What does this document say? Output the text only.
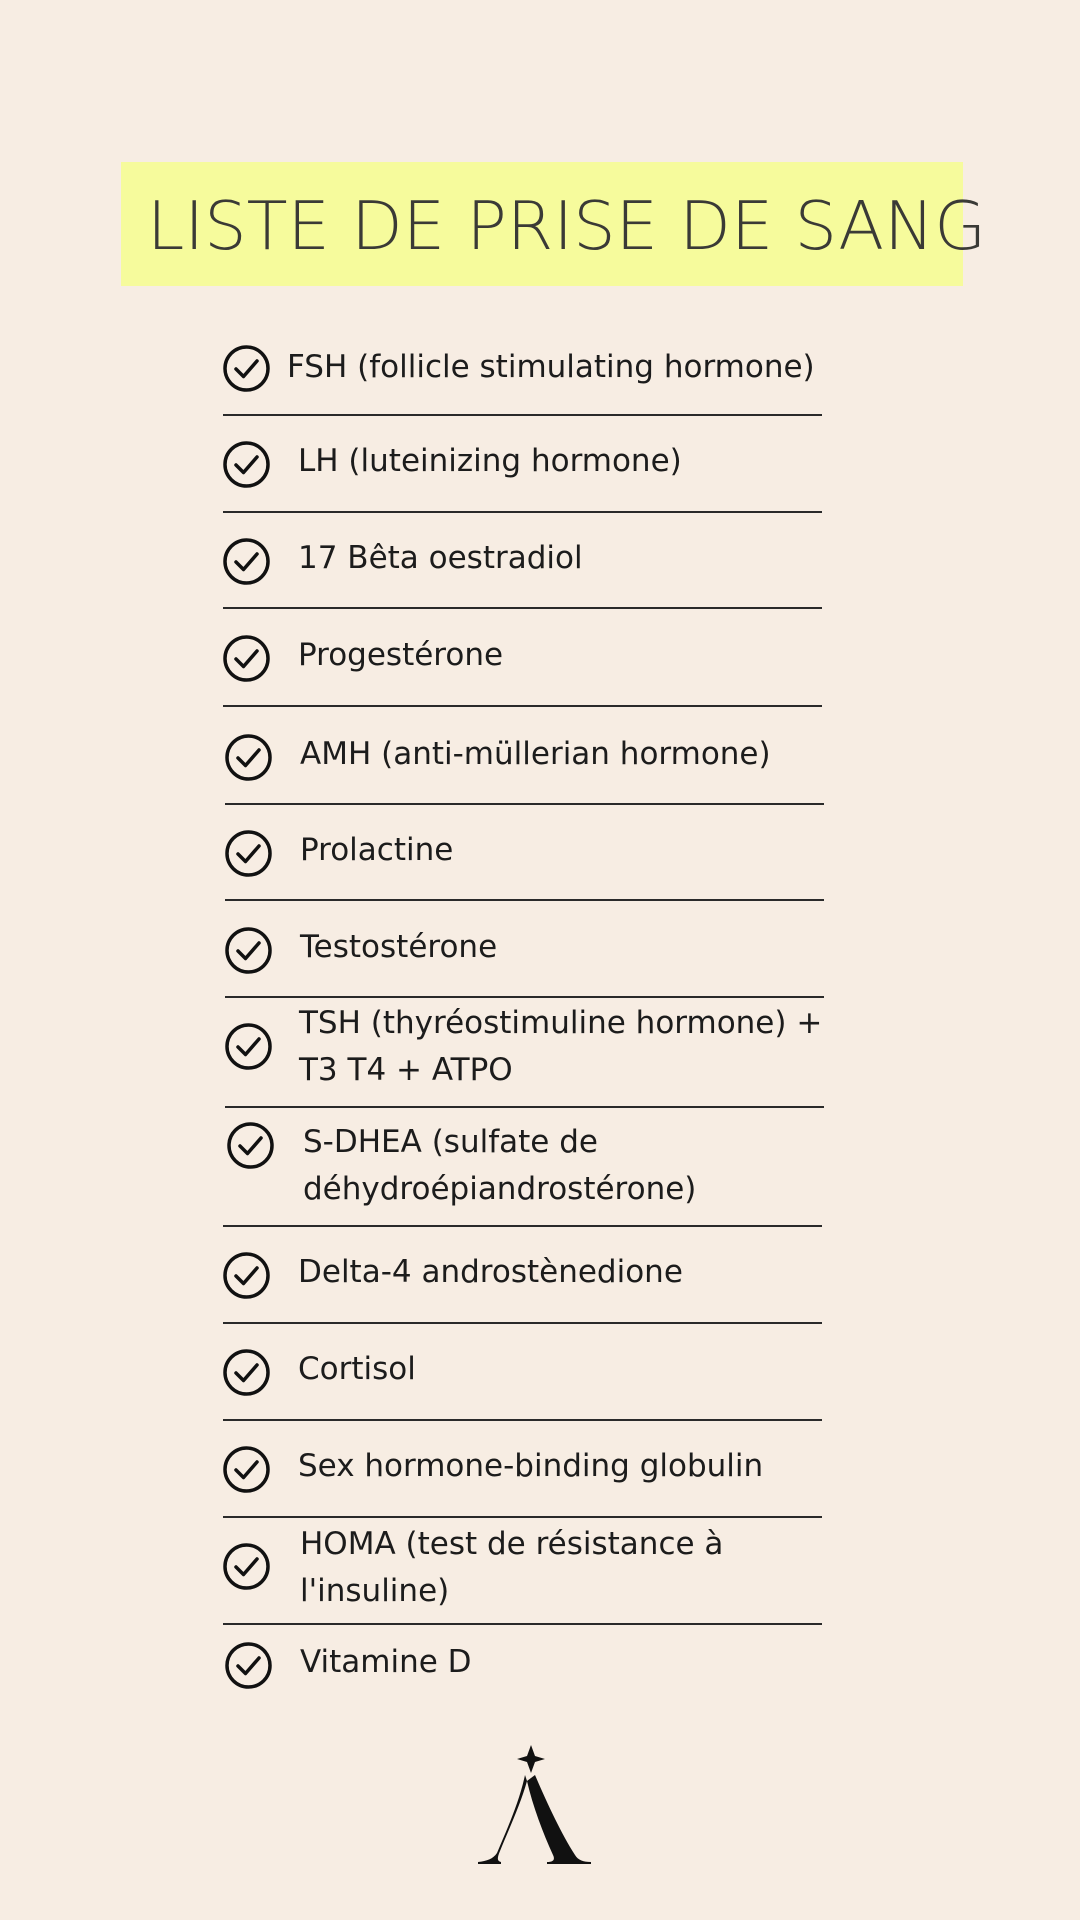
LISTE DE PRISE DE SANG
FSH (follicle stimulating hormone)
LH (luteinizing hormone)
17 Bêta oestradiol
Progestérone
AMH (anti-müllerian hormone)
Prolactine
Testostérone
TSH (thyréostimuline hormone) +
T3 T4 + ATPO
S-DHEA (sulfate de
déhydroépiandrostérone)
Delta-4 androstènedione
Cortisol
Sex hormone-binding globulin
HOMA (test de résistance à
l'insuline)
Vitamine D
